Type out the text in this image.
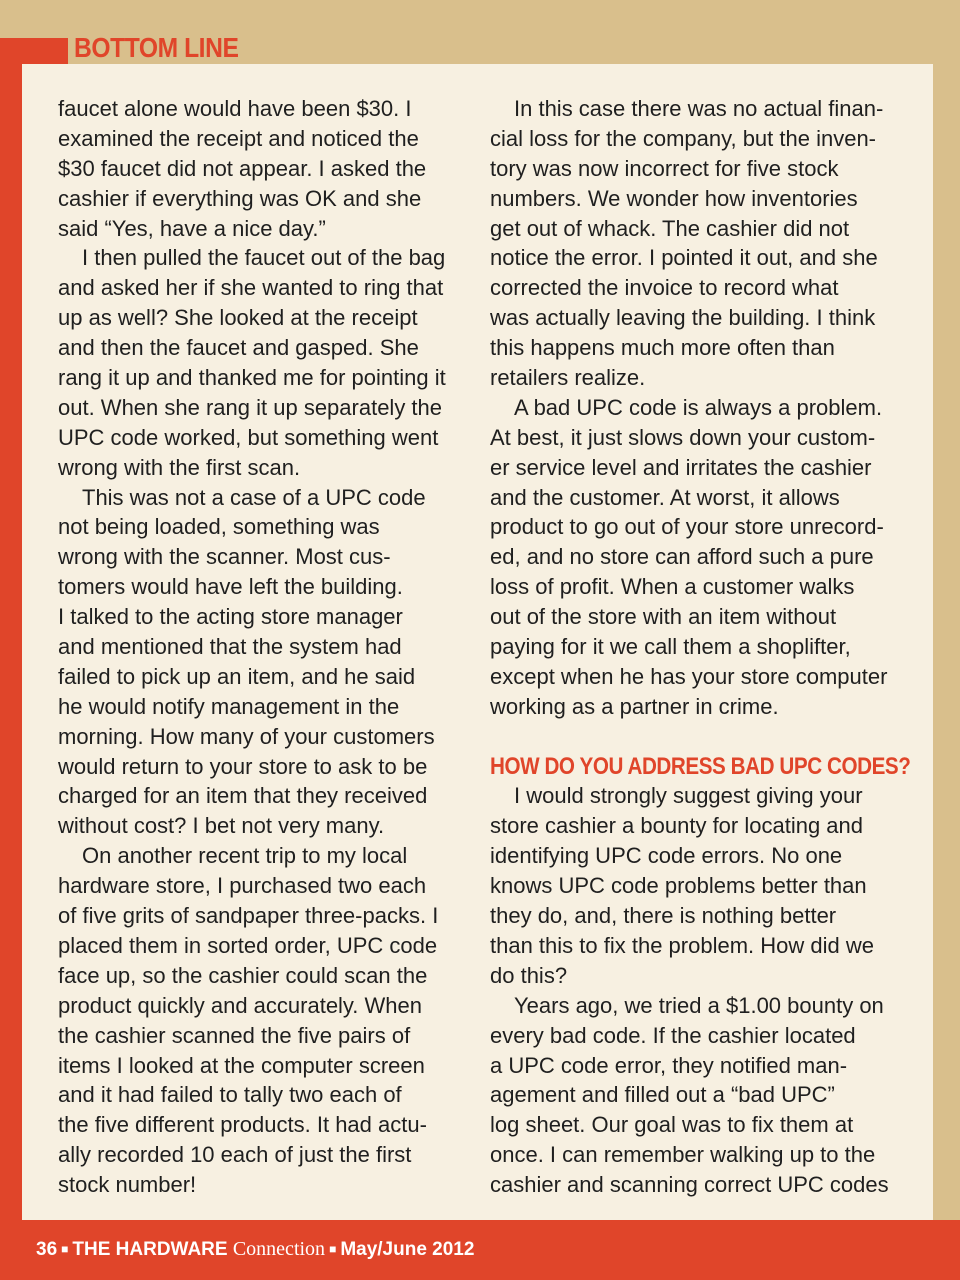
BOTTOM LINE
faucet alone would have been $30. I
examined the receipt and noticed the
$30 faucet did not appear. I asked the
cashier if everything was OK and she
said “Yes, have a nice day.”
I then pulled the faucet out of the bag
and asked her if she wanted to ring that
up as well? She looked at the receipt
and then the faucet and gasped. She
rang it up and thanked me for pointing it
out. When she rang it up separately the
UPC code worked, but something went
wrong with the first scan.
This was not a case of a UPC code
not being loaded, something was
wrong with the scanner. Most cus-
tomers would have left the building.
I talked to the acting store manager
and mentioned that the system had
failed to pick up an item, and he said
he would notify management in the
morning. How many of your customers
would return to your store to ask to be
charged for an item that they received
without cost? I bet not very many.
On another recent trip to my local
hardware store, I purchased two each
of five grits of sandpaper three-packs. I
placed them in sorted order, UPC code
face up, so the cashier could scan the
product quickly and accurately. When
the cashier scanned the five pairs of
items I looked at the computer screen
and it had failed to tally two each of
the five different products. It had actu-
ally recorded 10 each of just the first
stock number!
In this case there was no actual finan-
cial loss for the company, but the inven-
tory was now incorrect for five stock
numbers. We wonder how inventories
get out of whack. The cashier did not
notice the error. I pointed it out, and she
corrected the invoice to record what
was actually leaving the building. I think
this happens much more often than
retailers realize.
A bad UPC code is always a problem.
At best, it just slows down your custom-
er service level and irritates the cashier
and the customer. At worst, it allows
product to go out of your store unrecord-
ed, and no store can afford such a pure
loss of profit. When a customer walks
out of the store with an item without
paying for it we call them a shoplifter,
except when he has your store computer
working as a partner in crime.
HOW DO YOU ADDRESS BAD UPC CODES?
I would strongly suggest giving your
store cashier a bounty for locating and
identifying UPC code errors. No one
knows UPC code problems better than
they do, and, there is nothing better
than this to fix the problem. How did we
do this?
Years ago, we tried a $1.00 bounty on
every bad code. If the cashier located
a UPC code error, they notified man-
agement and filled out a “bad UPC”
log sheet. Our goal was to fix them at
once. I can remember walking up to the
cashier and scanning correct UPC codes
36 ■ THE HARDWARE Connection ■ May/June 2012
